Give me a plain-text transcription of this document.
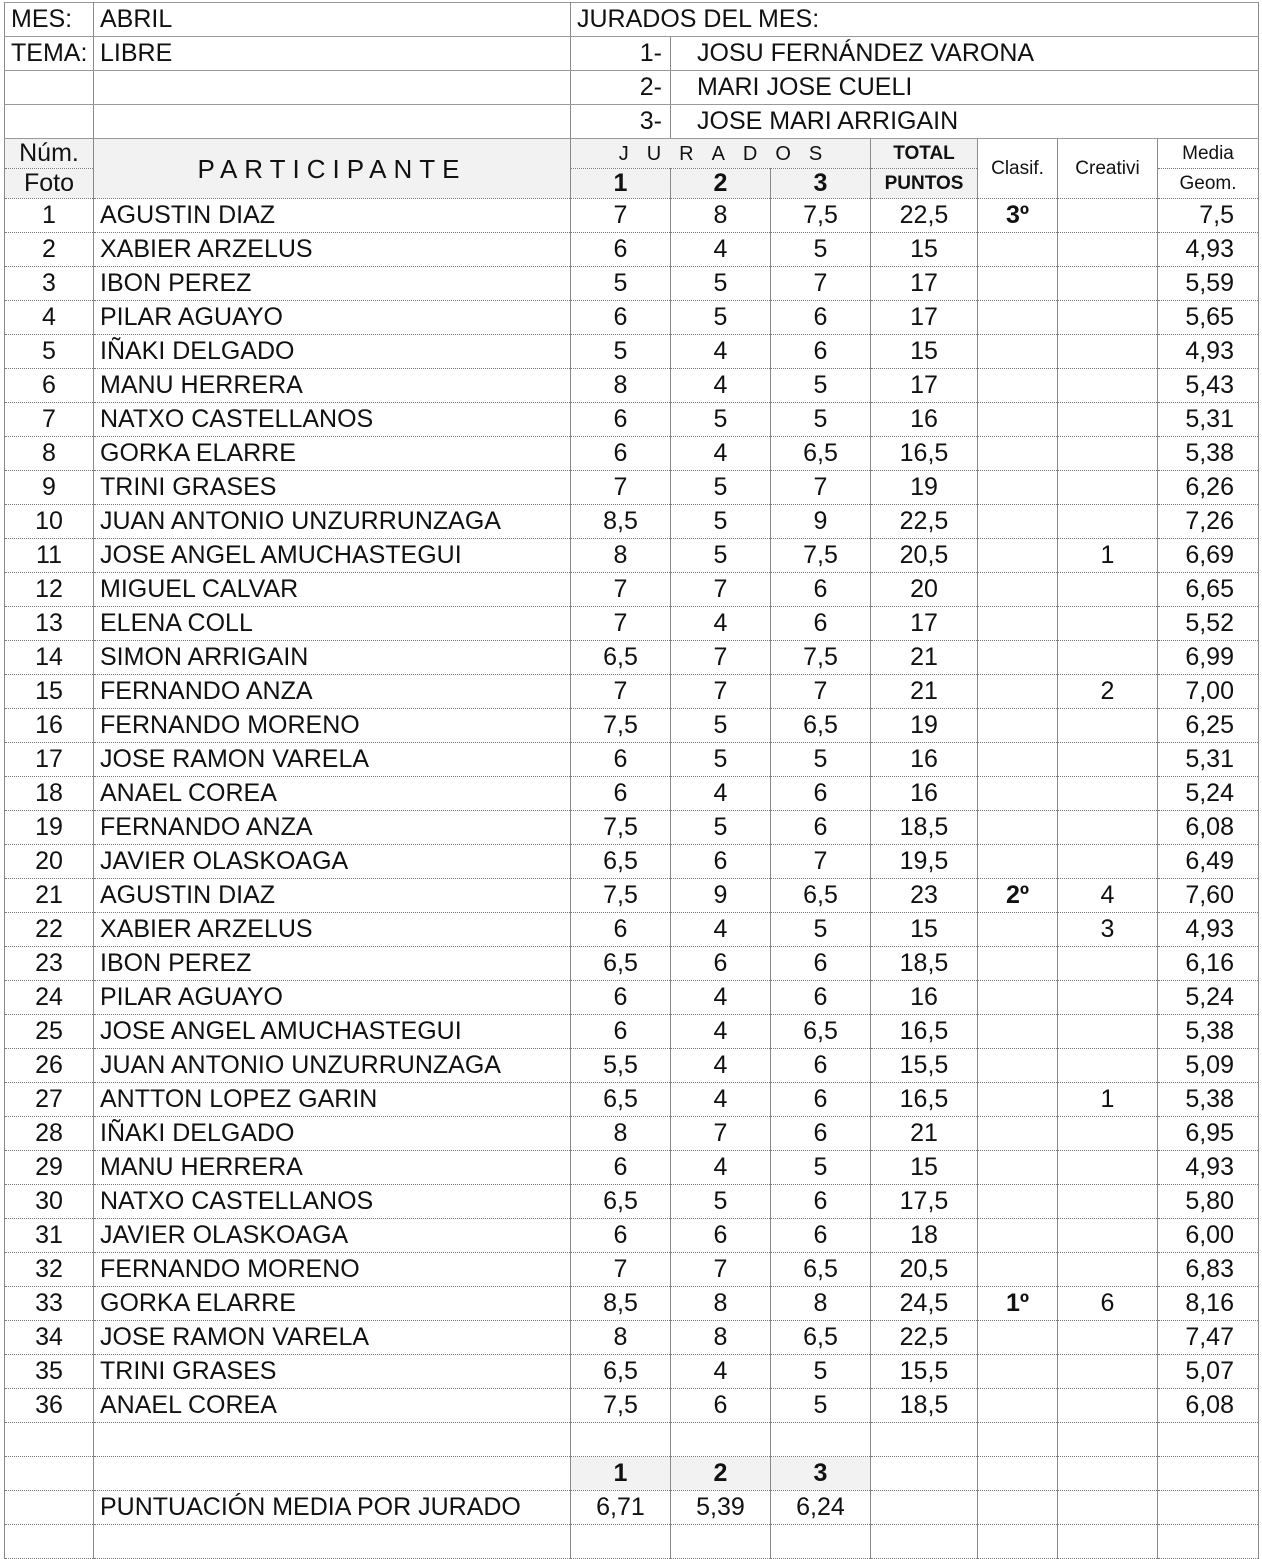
MES:	ABRIL	JURADOS DEL MES:						
TEMA:	LIBRE	1-	JOSU FERNÁNDEZ VARONA					
		2-	MARI JOSE CUELI					
		3-	JOSE MARI ARRIGAIN					
Núm.	PARTICIPANTE	JURADOS			TOTAL	Clasif.	Creativi	Media
Foto		1	2	3	PUNTOS			Geom.
1	AGUSTIN DIAZ	7	8	7,5	22,5	3º		7,5
2	XABIER ARZELUS	6	4	5	15			4,93
3	IBON PEREZ	5	5	7	17			5,59
4	PILAR AGUAYO	6	5	6	17			5,65
5	IÑAKI DELGADO	5	4	6	15			4,93
6	MANU HERRERA	8	4	5	17			5,43
7	NATXO CASTELLANOS	6	5	5	16			5,31
8	GORKA ELARRE	6	4	6,5	16,5			5,38
9	TRINI GRASES	7	5	7	19			6,26
10	JUAN ANTONIO UNZURRUNZAGA	8,5	5	9	22,5			7,26
11	JOSE ANGEL AMUCHASTEGUI	8	5	7,5	20,5		1	6,69
12	MIGUEL CALVAR	7	7	6	20			6,65
13	ELENA COLL	7	4	6	17			5,52
14	SIMON ARRIGAIN	6,5	7	7,5	21			6,99
15	FERNANDO ANZA	7	7	7	21		2	7,00
16	FERNANDO MORENO	7,5	5	6,5	19			6,25
17	JOSE RAMON VARELA	6	5	5	16			5,31
18	ANAEL COREA	6	4	6	16			5,24
19	FERNANDO ANZA	7,5	5	6	18,5			6,08
20	JAVIER OLASKOAGA	6,5	6	7	19,5			6,49
21	AGUSTIN DIAZ	7,5	9	6,5	23	2º	4	7,60
22	XABIER ARZELUS	6	4	5	15		3	4,93
23	IBON PEREZ	6,5	6	6	18,5			6,16
24	PILAR AGUAYO	6	4	6	16			5,24
25	JOSE ANGEL AMUCHASTEGUI	6	4	6,5	16,5			5,38
26	JUAN ANTONIO UNZURRUNZAGA	5,5	4	6	15,5			5,09
27	ANTTON LOPEZ GARIN	6,5	4	6	16,5		1	5,38
28	IÑAKI DELGADO	8	7	6	21			6,95
29	MANU HERRERA	6	4	5	15			4,93
30	NATXO CASTELLANOS	6,5	5	6	17,5			5,80
31	JAVIER OLASKOAGA	6	6	6	18			6,00
32	FERNANDO MORENO	7	7	6,5	20,5			6,83
33	GORKA ELARRE	8,5	8	8	24,5	1º	6	8,16
34	JOSE RAMON VARELA	8	8	6,5	22,5			7,47
35	TRINI GRASES	6,5	4	5	15,5			5,07
36	ANAEL COREA	7,5	6	5	18,5			6,08

		1	2	3				
	PUNTUACIÓN MEDIA POR JURADO	6,71	5,39	6,24				
